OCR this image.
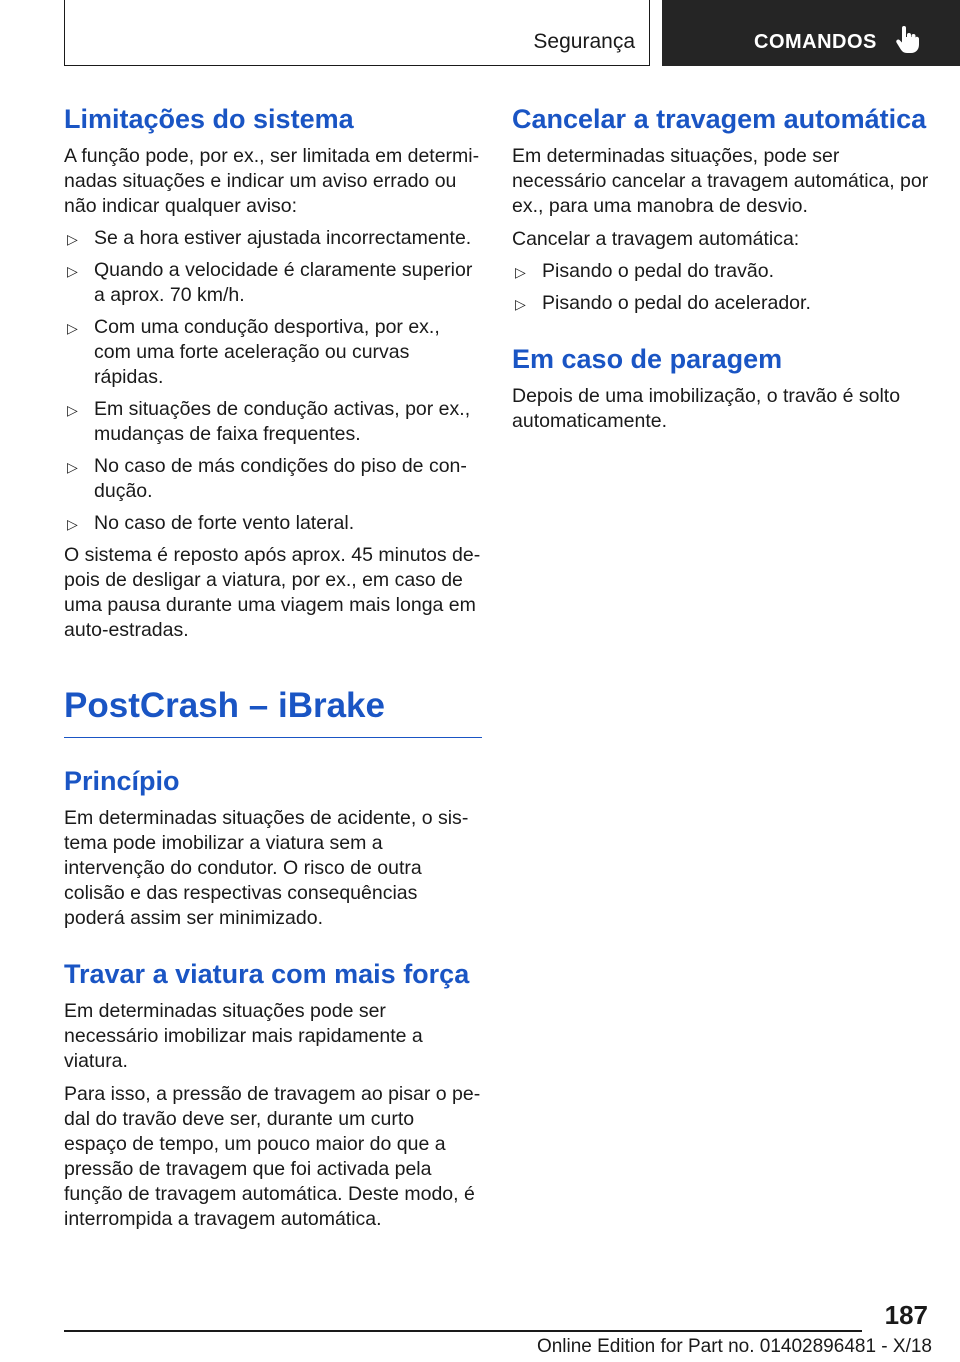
Segurança	COMANDOS
Limitações do sistema

A função pode, por ex., ser limitada em determinadas situações e indicar um aviso errado ou não indicar qualquer aviso:

▷ Se a hora estiver ajustada incorrectamente.
▷ Quando a velocidade é claramente superior a aprox. 70 km/h.
▷ Com uma condução desportiva, por ex., com uma forte aceleração ou curvas rápidas.
▷ Em situações de condução activas, por ex., mudanças de faixa frequentes.
▷ No caso de más condições do piso de condução.
▷ No caso de forte vento lateral.

O sistema é reposto após aprox. 45 minutos depois de desligar a viatura, por ex., em caso de uma pausa durante uma viagem mais longa em auto-estradas.

PostCrash – iBrake
Princípio

Em determinadas situações de acidente, o sistema pode imobilizar a viatura sem a intervenção do condutor. O risco de outra colisão e das respectivas consequências poderá assim ser minimizado.

Travar a viatura com mais força

Em determinadas situações pode ser necessário imobilizar mais rapidamente a viatura.

Para isso, a pressão de travagem ao pisar o pedal do travão deve ser, durante um curto espaço de tempo, um pouco maior do que a pressão de travagem que foi activada pela função de travagem automática. Deste modo, é interrompida a travagem automática.

Cancelar a travagem automática

Em determinadas situações, pode ser necessário cancelar a travagem automática, por ex., para uma manobra de desvio.

Cancelar a travagem automática:

▷ Pisando o pedal do travão.
▷ Pisando o pedal do acelerador.
Em caso de paragem

Depois de uma imobilização, o travão é solto automaticamente.

187
Online Edition for Part no. 01402896481 - X/18
